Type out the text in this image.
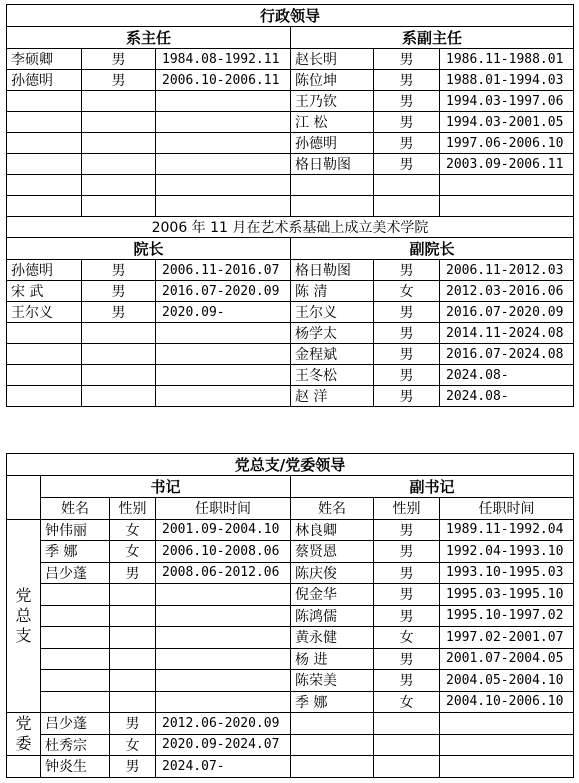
行政领导					
系主任			系副主任		
李硕卿	男	1984.08-1992.11	赵长明	男	1986.11-1988.01
孙德明	男	2006.10-2006.11	陈位坤	男	1988.01-1994.03
			王乃钦	男	1994.03-1997.06
			江 松	男	1994.03-2001.05
			孙德明	男	1997.06-2006.10
			格日勒图	男	2003.09-2006.11

2006 年 11 月在艺术系基础上成立美术学院					
院长			副院长		
孙德明	男	2006.11-2016.07	格日勒图	男	2006.11-2012.03
宋 武	男	2016.07-2020.09	陈 清	女	2012.03-2016.06
王尔义	男	2020.09-	王尔义	男	2016.07-2020.09
			杨学太	男	2014.11-2024.08
			金程斌	男	2016.07-2024.08
			王冬松	男	2024.08-
			赵 洋	男	2024.08-
党总支/党委领导						
	书记			副书记		
	姓名	性别	任职时间	姓名	性别	任职时间

党
总
支	钟伟丽	女	2001.09-2004.10	林良卿	男	1989.11-1992.04
	季 娜	女	2006.10-2008.06	蔡贤恩	男	1992.04-1993.10
	吕少蓬	男	2008.06-2012.06	陈庆俊	男	1993.10-1995.03
				倪金华	男	1995.03-1995.10
				陈鸿儒	男	1995.10-1997.02
				黄永健	女	1997.02-2001.07
				杨 进	男	2001.07-2004.05
				陈荣美	男	2004.05-2004.10
				季 娜	女	2004.10-2006.10

党
委	吕少蓬	男	2012.06-2020.09			
	杜秀宗	女	2020.09-2024.07			
	钟炎生	男	2024.07-			
